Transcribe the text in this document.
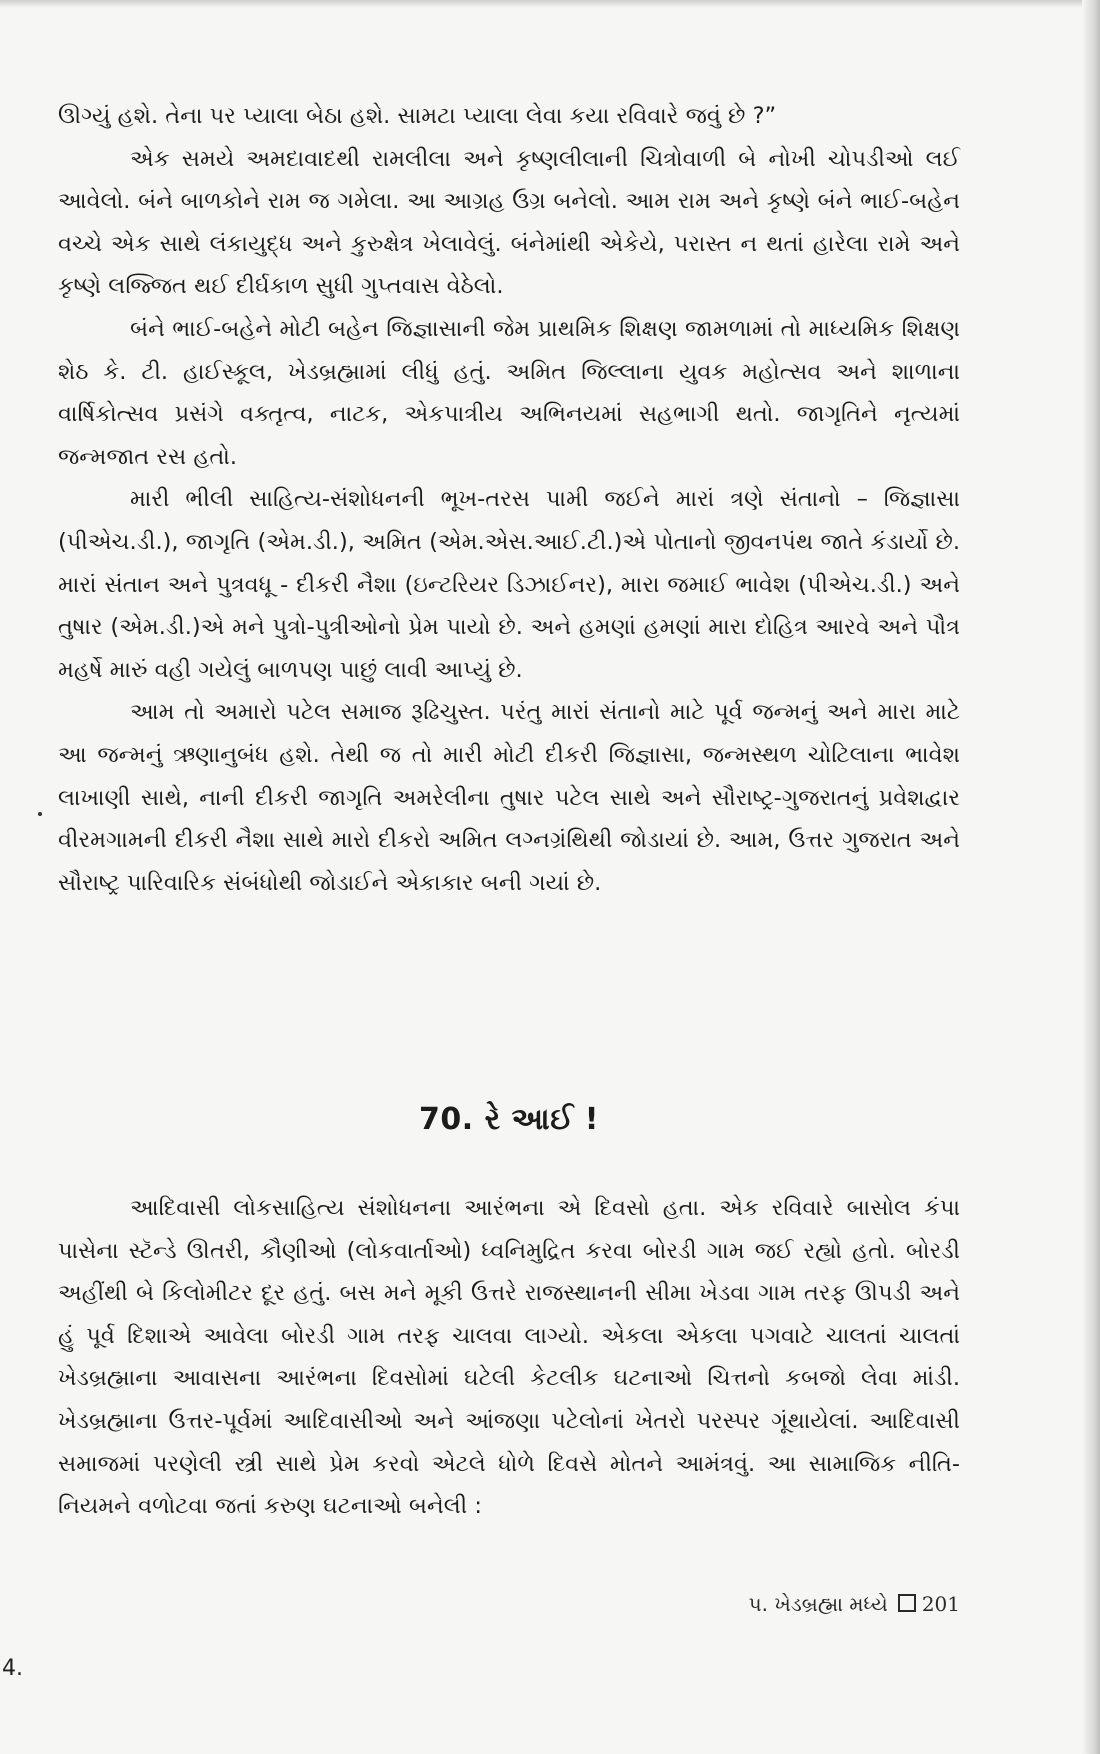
ઊગ્યું હશે. તેના પર પ્યાલા બેઠા હશે. સામટા પ્યાલા લેવા કયા રવિવારે જવું છે ?”

એક સમયે અમદાવાદથી રામલીલા અને કૃષ્ણલીલાની ચિત્રોવાળી બે નોખી ચોપડીઓ લઈ આવેલો. બંને બાળકોને રામ જ ગમેલા. આ આગ્રહ ઉગ્ર બનેલો. આમ રામ અને કૃષ્ણે બંને ભાઈ-બહેન વચ્ચે એક સાથે લંકાયુદ્ધ અને કુરુક્ષેત્ર ખેલાવેલું. બંનેમાંથી એકેયે, પરાસ્ત ન થતાં હારેલા રામે અને કૃષ્ણે લજ્જિત થઈ દીર્ઘકાળ સુધી ગુપ્તવાસ વેઠેલો.

બંને ભાઈ-બહેને મોટી બહેન જિજ્ઞાસાની જેમ પ્રાથમિક શિક્ષણ જામળામાં તો માધ્યમિક શિક્ષણ શેઠ કે. ટી. હાઈસ્કૂલ, ખેડબ્રહ્મામાં લીધું હતું. અમિત જિલ્લાના યુવક મહોત્સવ અને શાળાના વાર્ષિકોત્સવ પ્રસંગે વક્તૃત્વ, નાટક, એકપાત્રીય અભિનયમાં સહભાગી થતો. જાગૃતિને નૃત્યમાં જન્મજાત રસ હતો.

મારી ભીલી સાહિત્ય-સંશોધનની ભૂખ-તરસ પામી જઈને મારાં ત્રણે સંતાનો – જિજ્ઞાસા (પીએચ.ડી.), જાગૃતિ (એમ.ડી.), અમિત (એમ.એસ.આઈ.ટી.)એ પોતાનો જીવનપંથ જાતે કંડાર્યો છે. મારાં સંતાન અને પુત્રવધૂ - દીકરી નૈશા (ઇન્ટરિયર ડિઝાઈનર), મારા જમાઈ ભાવેશ (પીએચ.ડી.) અને તુષાર (એમ.ડી.)એ મને પુત્રો-પુત્રીઓનો પ્રેમ પાયો છે. અને હમણાં હમણાં મારા દોહિત્ર આરવે અને પૌત્ર મહર્ષે મારું વહી ગયેલું બાળપણ પાછું લાવી આપ્યું છે.

આમ તો અમારો પટેલ સમાજ રૂઢિચુસ્ત. પરંતુ મારાં સંતાનો માટે પૂર્વ જન્મનું અને મારા માટે આ જન્મનું ઋણાનુબંધ હશે. તેથી જ તો મારી મોટી દીકરી જિજ્ઞાસા, જન્મસ્થળ ચોટિલાના ભાવેશ લાખાણી સાથે, નાની દીકરી જાગૃતિ અમરેલીના તુષાર પટેલ સાથે અને સૌરાષ્ટ્ર-ગુજરાતનું પ્રવેશદ્વાર વીરમગામની દીકરી નૈશા સાથે મારો દીકરો અમિત લગ્નગ્રંથિથી જોડાયાં છે. આમ, ઉત્તર ગુજરાત અને સૌરાષ્ટ્ર પારિવારિક સંબંધોથી જોડાઈને એકાકાર બની ગયાં છે.

70. રે આઈ !

આદિવાસી લોકસાહિત્ય સંશોધનના આરંભના એ દિવસો હતા. એક રવિવારે બાસોલ કંપા પાસેના સ્ટૅન્ડે ઊતરી, કૌણીઓ (લોકવાર્તાઓ) ધ્વનિમુદ્રિત કરવા બોરડી ગામ જઈ રહ્યો હતો. બોરડી અહીંથી બે કિલોમીટર દૂર હતું. બસ મને મૂકી ઉત્તરે રાજસ્થાનની સીમા ખેડવા ગામ તરફ ઊપડી અને હું પૂર્વ દિશાએ આવેલા બોરડી ગામ તરફ ચાલવા લાગ્યો. એકલા એકલા પગવાટે ચાલતાં ચાલતાં ખેડબ્રહ્માના આવાસના આરંભના દિવસોમાં ઘટેલી કેટલીક ઘટનાઓ ચિત્તનો કબજો લેવા માંડી. ખેડબ્રહ્માના ઉત્તર-પૂર્વમાં આદિવાસીઓ અને આંજણા પટેલોનાં ખેતરો પરસ્પર ગૂંથાયેલાં. આદિવાસી સમાજમાં પરણેલી સ્ત્રી સાથે પ્રેમ કરવો એટલે ધોળે દિવસે મોતને આમંત્રવું. આ સામાજિક નીતિ-નિયમને વળોટવા જતાં કરુણ ઘટનાઓ બનેલી :

પ. ખેડબ્રહ્મા મધ્યે 201
4.
